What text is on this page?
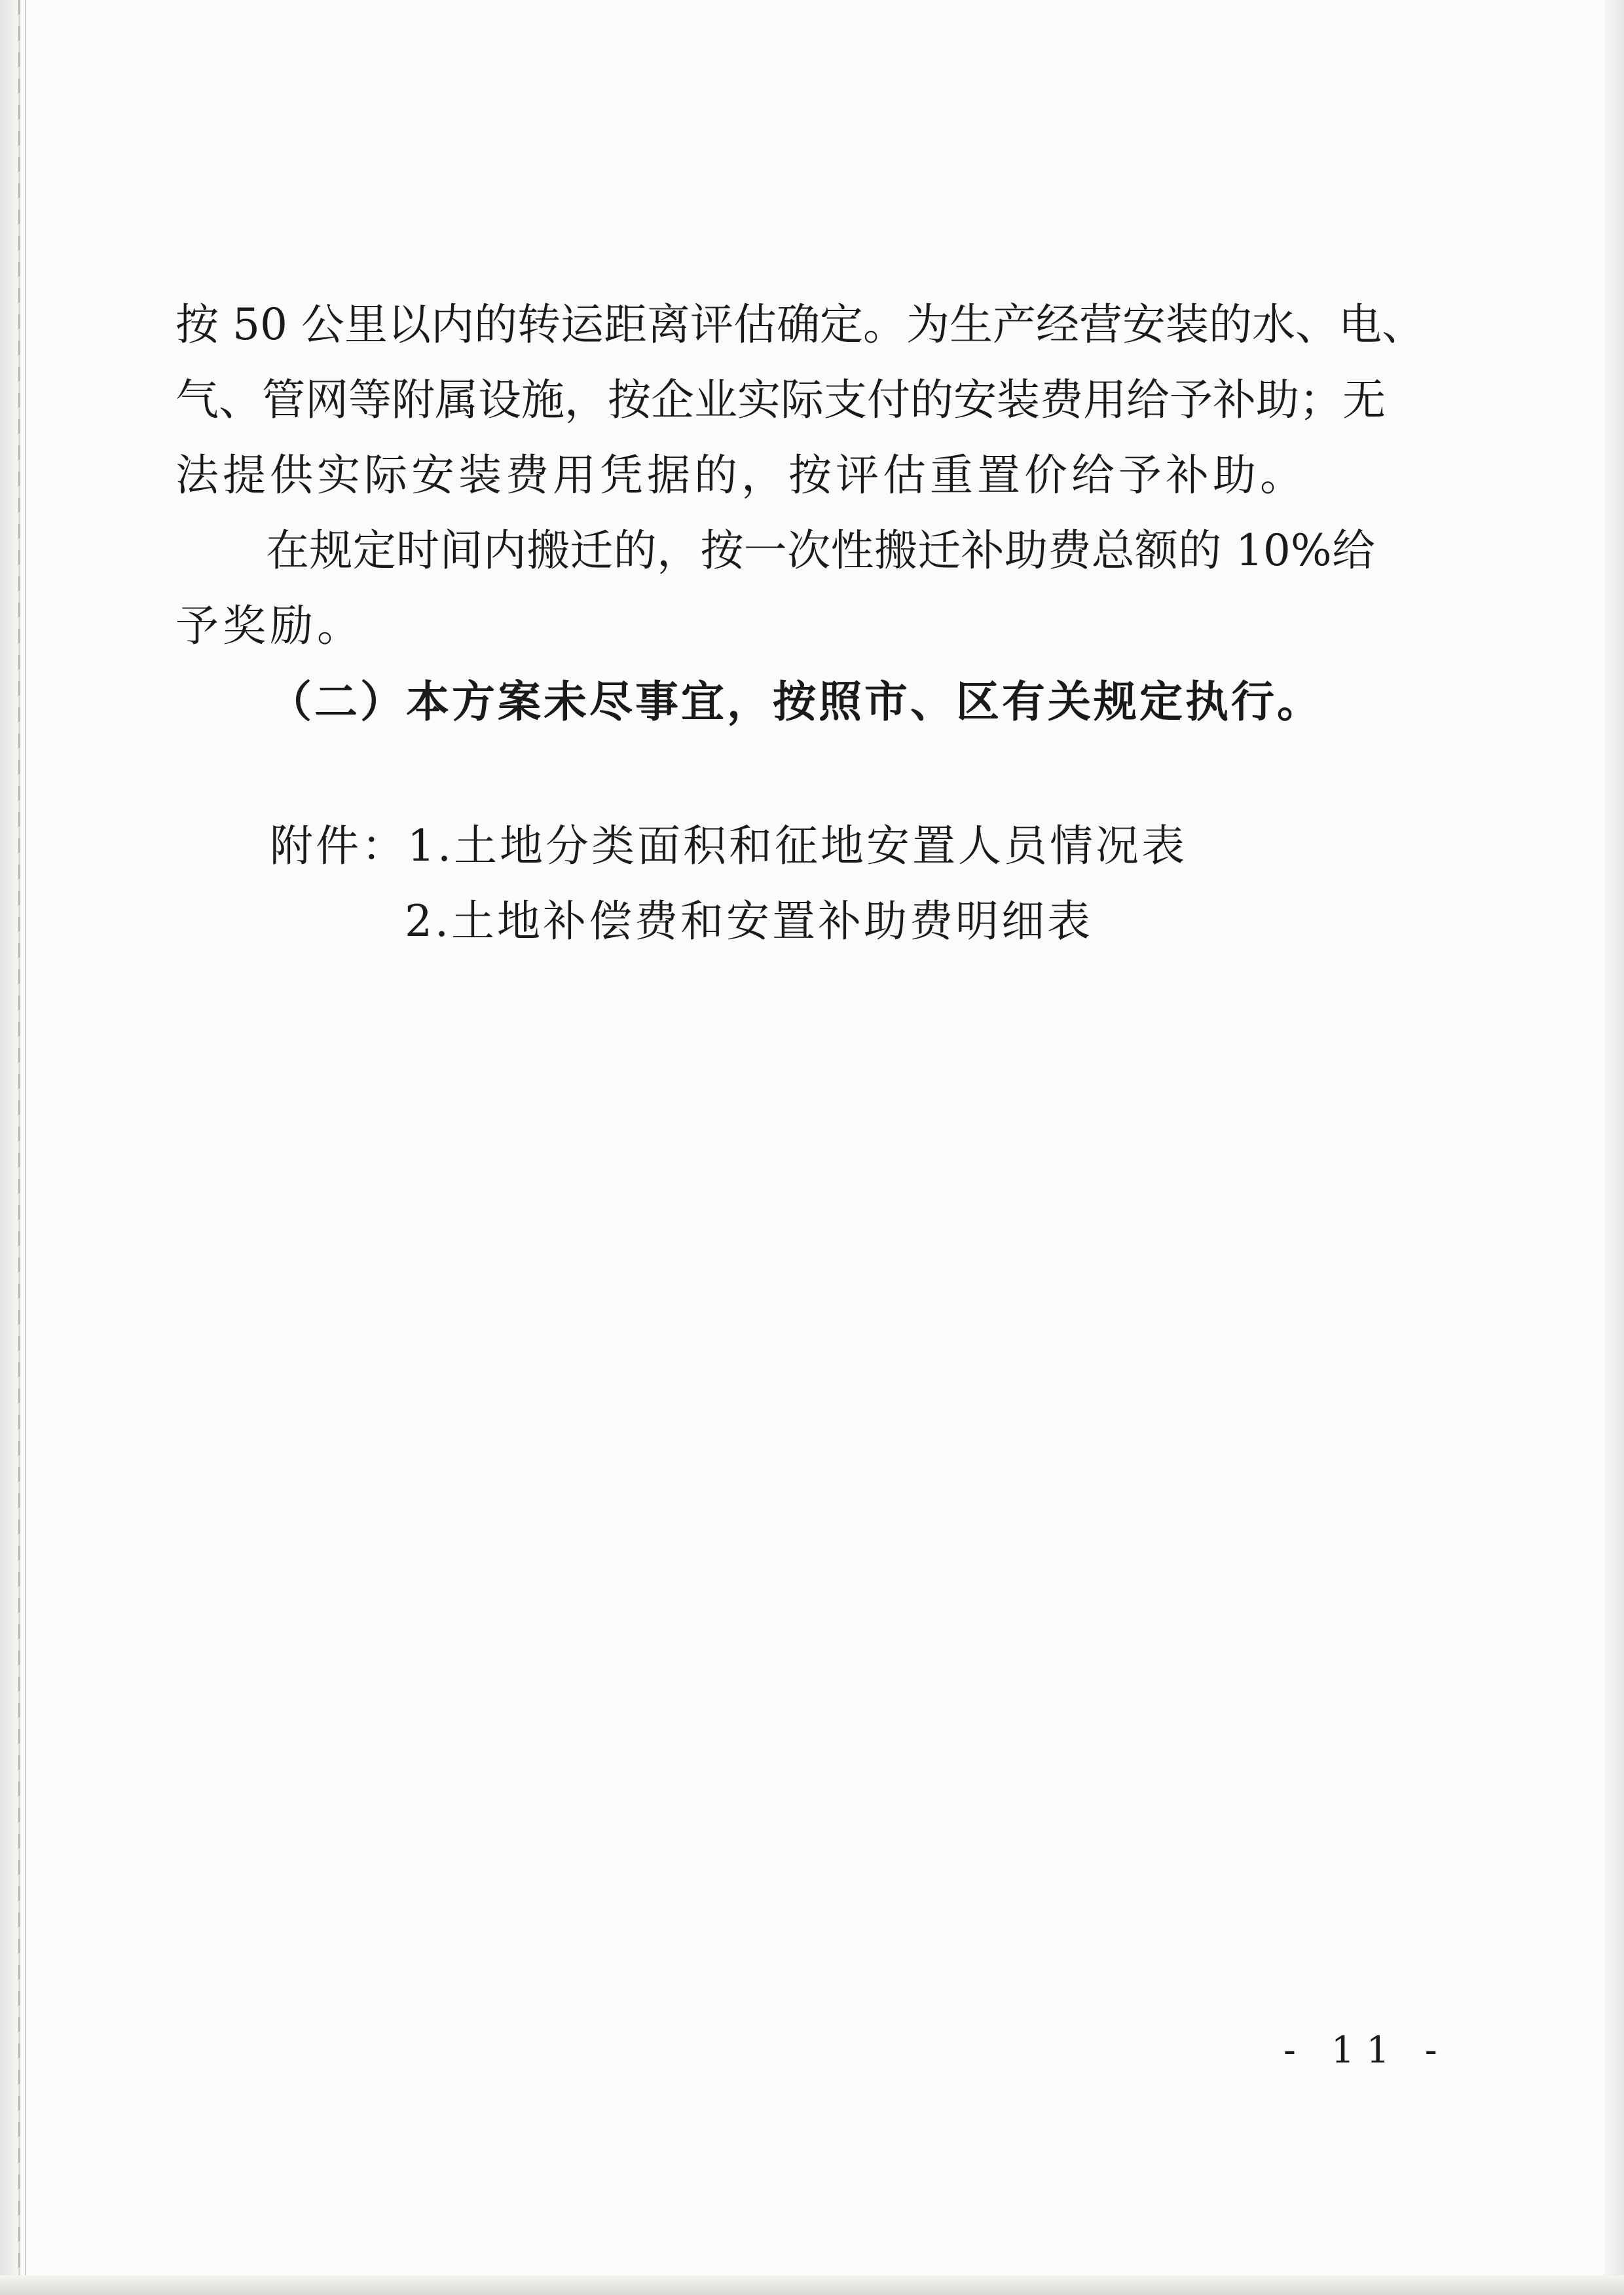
按 50 公里以内的转运距离评估确定。为生产经营安装的水、电、
气、管网等附属设施，按企业实际支付的安装费用给予补助；无
法提供实际安装费用凭据的，按评估重置价给予补助。
在规定时间内搬迁的，按一次性搬迁补助费总额的 10%给
予奖励。
（二）本方案未尽事宜，按照市、区有关规定执行。
附件：1.土地分类面积和征地安置人员情况表
2.土地补偿费和安置补助费明细表
- 11 -
